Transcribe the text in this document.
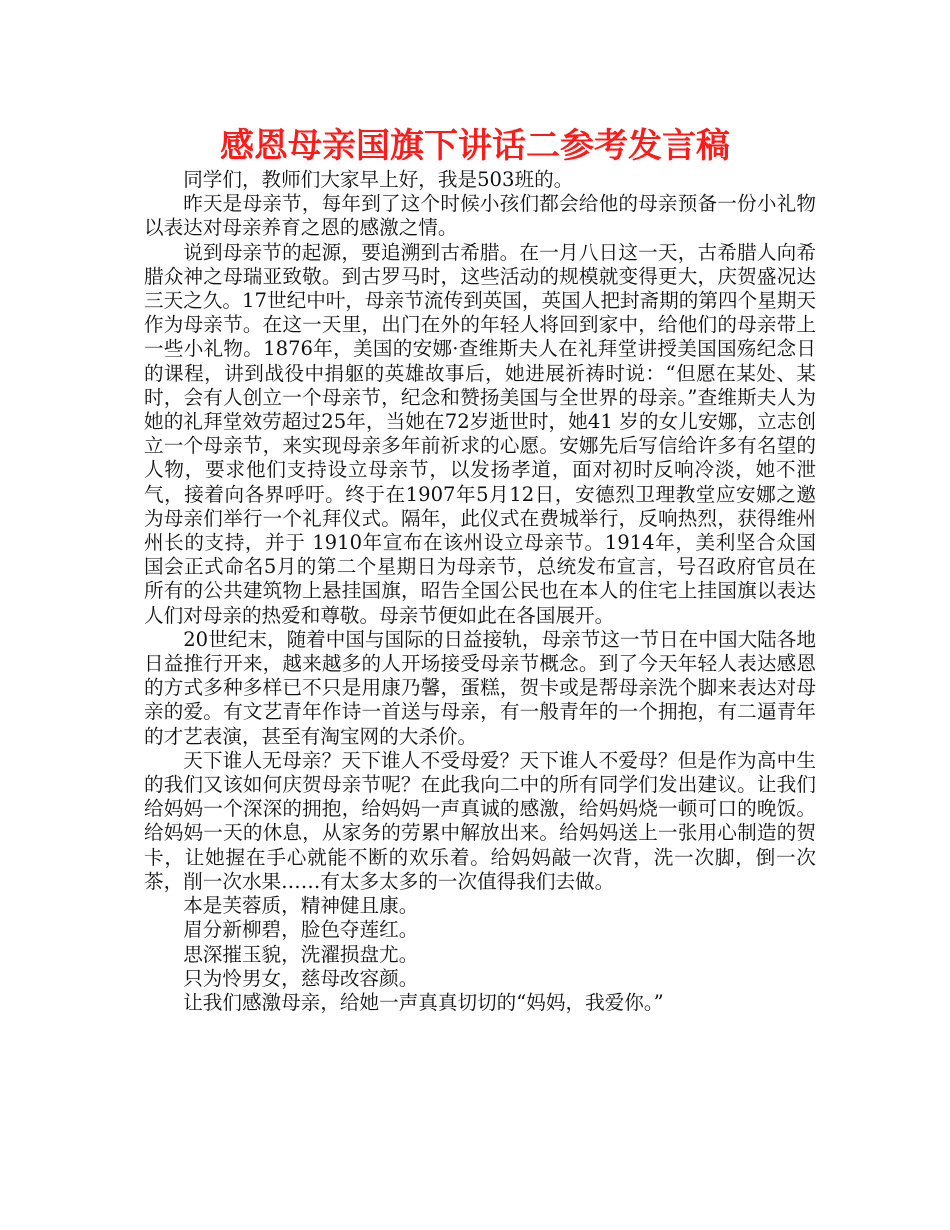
感恩母亲国旗下讲话二参考发言稿

同学们，教师们大家早上好，我是503班的。

昨天是母亲节，每年到了这个时候小孩们都会给他的母亲预备一份小礼物以表达对母亲养育之恩的感激之情。

说到母亲节的起源，要追溯到古希腊。在一月八日这一天，古希腊人向希腊众神之母瑞亚致敬。到古罗马时，这些活动的规模就变得更大，庆贺盛况达三天之久。17世纪中叶，母亲节流传到英国，英国人把封斋期的第四个星期天作为母亲节。在这一天里，出门在外的年轻人将回到家中，给他们的母亲带上一些小礼物。1876年，美国的安娜·查维斯夫人在礼拜堂讲授美国国殇纪念日的课程，讲到战役中捐躯的英雄故事后，她进展祈祷时说：“但愿在某处、某时，会有人创立一个母亲节，纪念和赞扬美国与全世界的母亲。”查维斯夫人为她的礼拜堂效劳超过25年，当她在72岁逝世时，她41 岁的女儿安娜，立志创立一个母亲节，来实现母亲多年前祈求的心愿。安娜先后写信给许多有名望的人物，要求他们支持设立母亲节，以发扬孝道，面对初时反响冷淡，她不泄气，接着向各界呼吁。终于在1907年5月12日，安德烈卫理教堂应安娜之邀为母亲们举行一个礼拜仪式。隔年，此仪式在费城举行，反响热烈，获得维州州长的支持，并于 1910年宣布在该州设立母亲节。1914年，美利坚合众国国会正式命名5月的第二个星期日为母亲节，总统发布宣言，号召政府官员在所有的公共建筑物上悬挂国旗，昭告全国公民也在本人的住宅上挂国旗以表达人们对母亲的热爱和尊敬。母亲节便如此在各国展开。

20世纪末，随着中国与国际的日益接轨，母亲节这一节日在中国大陆各地日益推行开来，越来越多的人开场接受母亲节概念。到了今天年轻人表达感恩的方式多种多样已不只是用康乃馨，蛋糕，贺卡或是帮母亲洗个脚来表达对母亲的爱。有文艺青年作诗一首送与母亲，有一般青年的一个拥抱，有二逼青年的才艺表演，甚至有淘宝网的大杀价。

天下谁人无母亲？天下谁人不受母爱？天下谁人不爱母？但是作为高中生的我们又该如何庆贺母亲节呢？在此我向二中的所有同学们发出建议。让我们给妈妈一个深深的拥抱，给妈妈一声真诚的感激，给妈妈烧一顿可口的晚饭。给妈妈一天的休息，从家务的劳累中解放出来。给妈妈送上一张用心制造的贺卡，让她握在手心就能不断的欢乐着。给妈妈敲一次背，洗一次脚，倒一次茶，削一次水果……有太多太多的一次值得我们去做。

本是芙蓉质，精神健且康。

眉分新柳碧，脸色夺莲红。

思深摧玉貌，洗濯损盘尤。

只为怜男女，慈母改容颜。

让我们感激母亲，给她一声真真切切的“妈妈，我爱你。”
